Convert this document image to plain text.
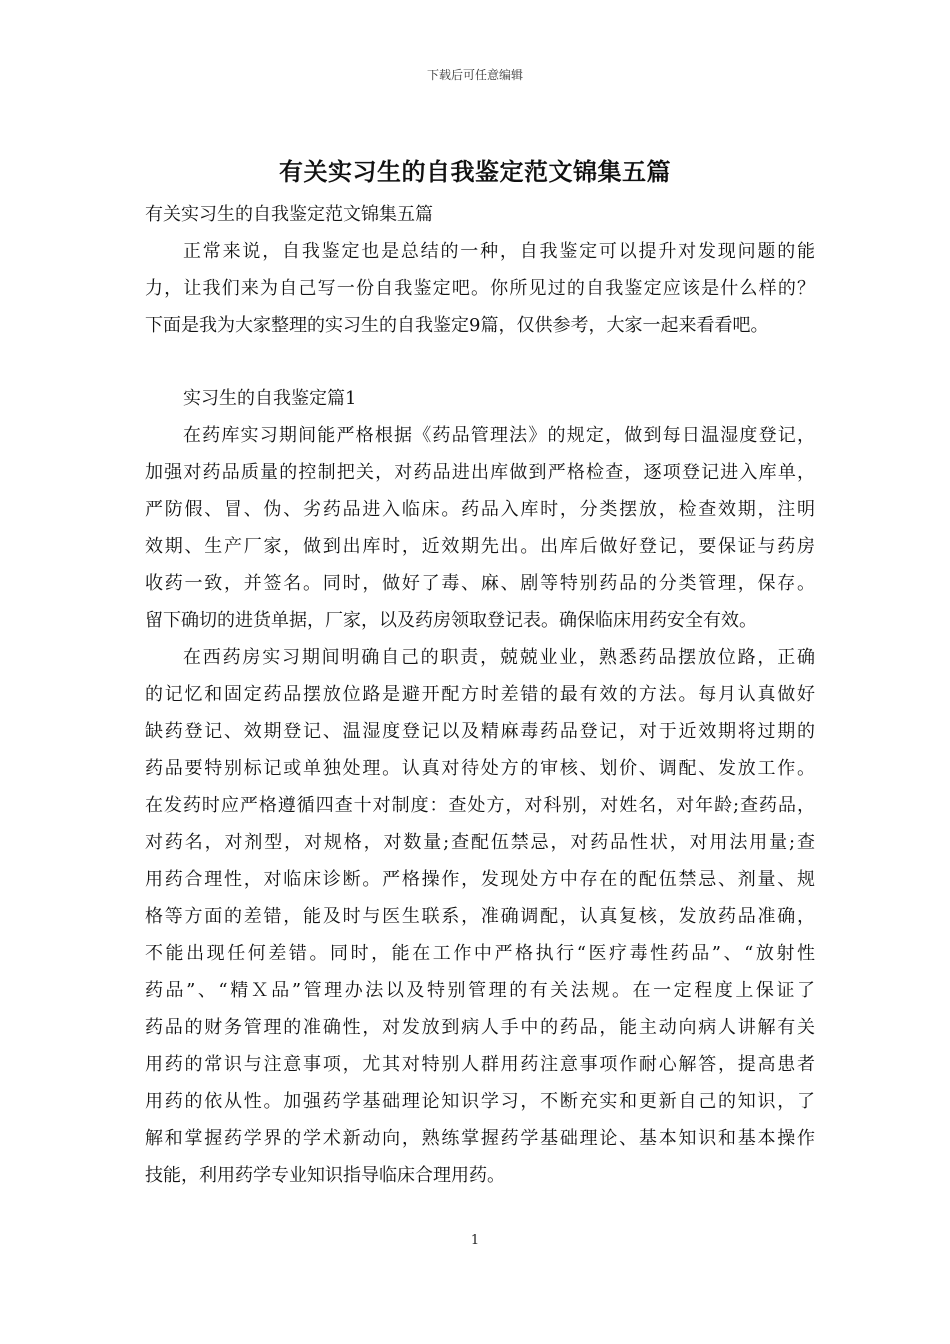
下载后可任意编辑
有关实习生的自我鉴定范文锦集五篇
有关实习生的自我鉴定范文锦集五篇
正常来说，自我鉴定也是总结的一种，自我鉴定可以提升对发现问题的能
力，让我们来为自己写一份自我鉴定吧。你所见过的自我鉴定应该是什么样的？
下面是我为大家整理的实习生的自我鉴定9篇，仅供参考，大家一起来看看吧。
实习生的自我鉴定篇1
在药库实习期间能严格根据《药品管理法》的规定，做到每日温湿度登记，
加强对药品质量的控制把关，对药品进出库做到严格检查，逐项登记进入库单，
严防假、冒、伪、劣药品进入临床。药品入库时，分类摆放，检查效期，注明
效期、生产厂家，做到出库时，近效期先出。出库后做好登记，要保证与药房
收药一致，并签名。同时，做好了毒、麻、剧等特别药品的分类管理，保存。
留下确切的进货单据，厂家，以及药房领取登记表。确保临床用药安全有效。
在西药房实习期间明确自己的职责，兢兢业业，熟悉药品摆放位路，正确
的记忆和固定药品摆放位路是避开配方时差错的最有效的方法。每月认真做好
缺药登记、效期登记、温湿度登记以及精麻毒药品登记，对于近效期将过期的
药品要特别标记或单独处理。认真对待处方的审核、划价、调配、发放工作。
在发药时应严格遵循四查十对制度：查处方，对科别，对姓名，对年龄;查药品，
对药名，对剂型，对规格，对数量;查配伍禁忌，对药品性状，对用法用量;查
用药合理性，对临床诊断。严格操作，发现处方中存在的配伍禁忌、剂量、规
格等方面的差错，能及时与医生联系，准确调配，认真复核，发放药品准确，
不能出现任何差错。同时，能在工作中严格执行“医疗毒性药品”、“放射性
药品”、“精Ｘ品”管理办法以及特别管理的有关法规。在一定程度上保证了
药品的财务管理的准确性，对发放到病人手中的药品，能主动向病人讲解有关
用药的常识与注意事项，尤其对特别人群用药注意事项作耐心解答，提高患者
用药的依从性。加强药学基础理论知识学习，不断充实和更新自己的知识，了
解和掌握药学界的学术新动向，熟练掌握药学基础理论、基本知识和基本操作
技能，利用药学专业知识指导临床合理用药。
1
